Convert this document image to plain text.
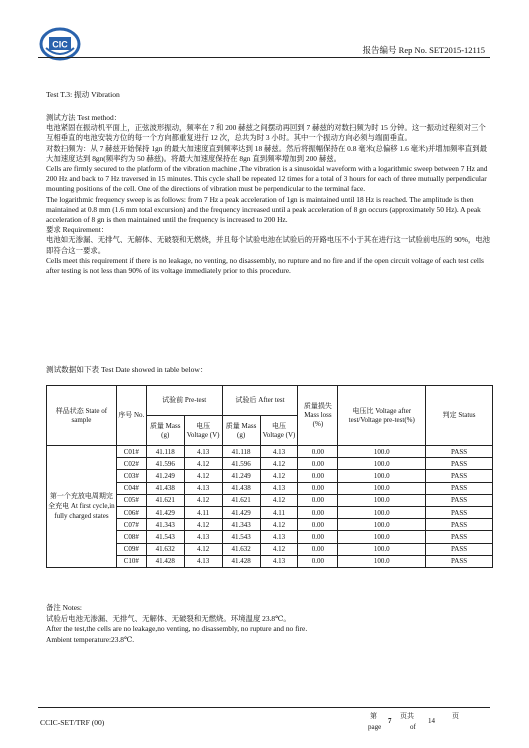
CIC
报告编号 Rep No. SET2015-12115
Test T.3: 振动 Vibration

测试方法 Test method：

电池紧固在振动机平面上，正弦波形振动，频率在 7 和 200 赫兹之间摆动再回到 7 赫兹的对数扫频为时 15 分钟。这一振动过程须对三个互相垂直的电池安装方位的每一个方向都重复进行 12 次，总共为时 3 小时。其中一个振动方向必须与端面垂直。

对数扫频为：从 7 赫兹开始保持 1gn 的最大加速度直到频率达到 18 赫兹。然后将振幅保持在 0.8 毫米(总偏移 1.6 毫米)并增加频率直到最大加速度达到 8gn(频率约为 50 赫兹)。将最大加速度保持在 8gn 直到频率增加到 200 赫兹。

Cells are firmly secured to the platform of the vibration machine ,The vibration is a sinusoidal waveform with a logarithmic sweep between 7 Hz and 200 Hz and back to 7 Hz traversed in 15 minutes. This cycle shall be repeated 12 times for a total of 3 hours for each of three mutually perpendicular mounting positions of the cell. One of the directions of vibration must be perpendicular to the terminal face.

The logarithmic frequency sweep is as follows: from 7 Hz a peak acceleration of 1gn is maintained until 18 Hz is reached. The amplitude is then maintained at 0.8 mm (1.6 mm total excursion) and the frequency increased until a peak acceleration of 8 gn occurs (approximately 50 Hz). A peak acceleration of 8 gn is then maintained until the frequency is increased to 200 Hz.

要求 Requirement：

电池如无渗漏、无排气、无解体、无破裂和无燃烧，并且每个试验电池在试验后的开路电压不小于其在进行这一试验前电压的 90%，电池即符合这一要求。

Cells meet this requirement if there is no leakage, no venting, no disassembly, no rupture and no fire and if the open circuit voltage of each test cells after testing is not less than 90% of its voltage immediately prior to this procedure.

测试数据如下表 Test Date showed in table below：
样品状态 State of sample	序号 No.	试验前 Pre-test		试验后 After test		质量损失 Mass loss (%)	电压比 Voltage after test/Voltage pre-test(%)	判定 Status
		质量 Mass (g)	电压 Voltage (V)	质量 Mass (g)	电压 Voltage (V)			
第一个充放电周期完全充电 At first cycle,in fully charged states	C01#	41.118	4.13	41.118	4.13	0.00	100.0	PASS
	C02#	41.596	4.12	41.596	4.12	0.00	100.0	PASS
	C03#	41.249	4.12	41.249	4.12	0.00	100.0	PASS
	C04#	41.438	4.13	41.438	4.13	0.00	100.0	PASS
	C05#	41.621	4.12	41.621	4.12	0.00	100.0	PASS
	C06#	41.429	4.11	41.429	4.11	0.00	100.0	PASS
	C07#	41.343	4.12	41.343	4.12	0.00	100.0	PASS
	C08#	41.543	4.13	41.543	4.13	0.00	100.0	PASS
	C09#	41.632	4.12	41.632	4.12	0.00	100.0	PASS
	C10#	41.428	4.13	41.428	4.13	0.00	100.0	PASS

备注 Notes:

试验后电池无渗漏、无排气、无解体、无破裂和无燃烧。环境温度 23.8℃。

After the test,the cells are no leakage,no venting, no disassembly, no rupture and no fire.

Ambient temperature:23.8℃.

CCIC-SET/TRF (00)
第
page
7
页共
of
14
页
